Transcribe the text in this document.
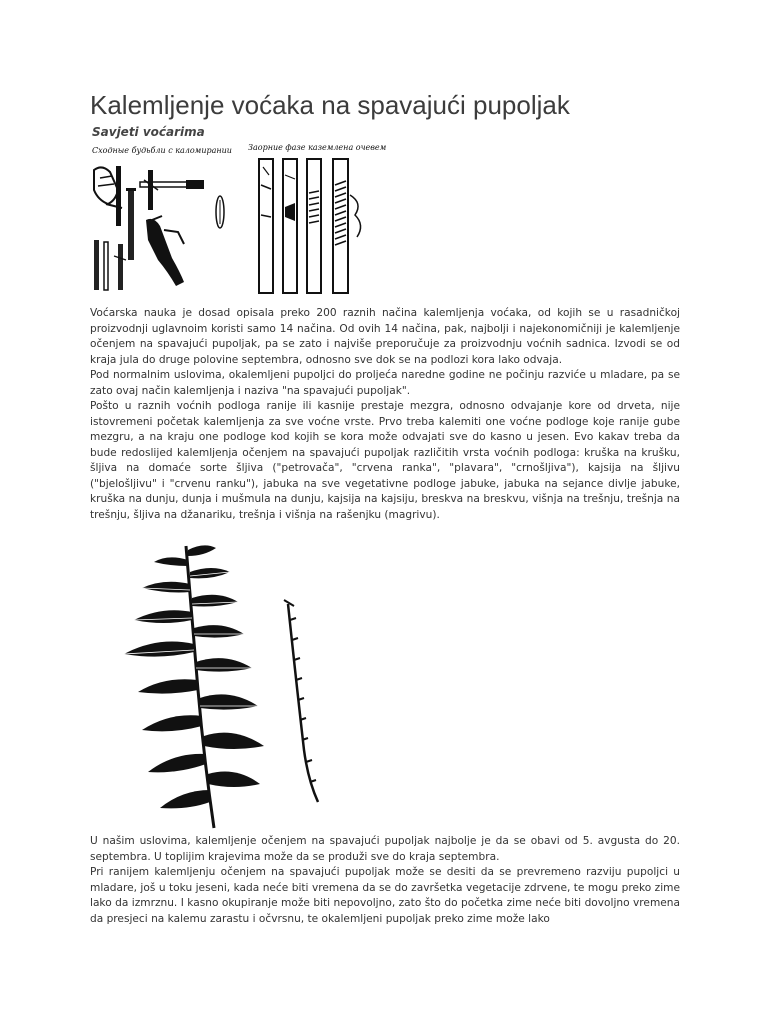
Kalemljenje voćaka na spavajući pupoljak
Savjeti voćarima
Сходные будьбли с каломирании Заорние фазе каземлена очевем

Voćarska nauka je dosad opisala preko 200 raznih načina kalemljenja voćaka, od kojih se u rasadničkoj proizvodnji uglavnoim koristi samo 14 načina. Od ovih 14 načina, pak, najbolji i najekonomičniji je kalemljenje očenjem na spavajući pupoljak, pa se zato i najviše preporučuje za proizvodnju voćnih sadnica. Izvodi se od kraja jula do druge polovine septembra, odnosno sve dok se na podlozi kora lako odvaja.

Pod normalnim uslovima, okalemljeni pupoljci do proljeća naredne godine ne počinju razviće u mladare, pa se zato ovaj način kalemljenja i naziva "na spavajući pupoljak".

Pošto u raznih voćnih podloga ranije ili kasnije prestaje mezgra, odnosno odvajanje kore od drveta, nije istovremeni početak kalemljenja za sve voćne vrste. Prvo treba kalemiti one voćne podloge koje ranije gube mezgru, a na kraju one podloge kod kojih se kora može odvajati sve do kasno u jesen. Evo kakav treba da bude redoslijed kalemljenja očenjem na spavajući pupoljak različitih vrsta voćnih podloga: kruška na krušku, šljiva na domaće sorte šljiva ("petrovača", "crvena ranka", "plavara", "crnošljiva"), kajsija na šljivu ("bjelošljivu" i "crvenu ranku"), jabuka na sve vegetativne podloge jabuke, jabuka na sejance divlje jabuke, kruška na dunju, dunja i mušmula na dunju, kajsija na kajsiju, breskva na breskvu, višnja na trešnju, trešnja na trešnju, šljiva na džanariku, trešnja i višnja na rašenjku (magrivu).

U našim uslovima, kalemljenje očenjem na spavajući pupoljak najbolje je da se obavi od 5. avgusta do 20. septembra. U toplijim krajevima može da se produži sve do kraja septembra.

Pri ranijem kalemljenju očenjem na spavajući pupoljak može se desiti da se prevremeno razviju pupoljci u mladare, još u toku jeseni, kada neće biti vremena da se do završetka vegetacije zdrvene, te mogu preko zime lako da izmrznu. I kasno okupiranje može biti nepovoljno, zato što do početka zime neće biti dovoljno vremena da presjeci na kalemu zarastu i očvrsnu, te okalemljeni pupoljak preko zime može lako
